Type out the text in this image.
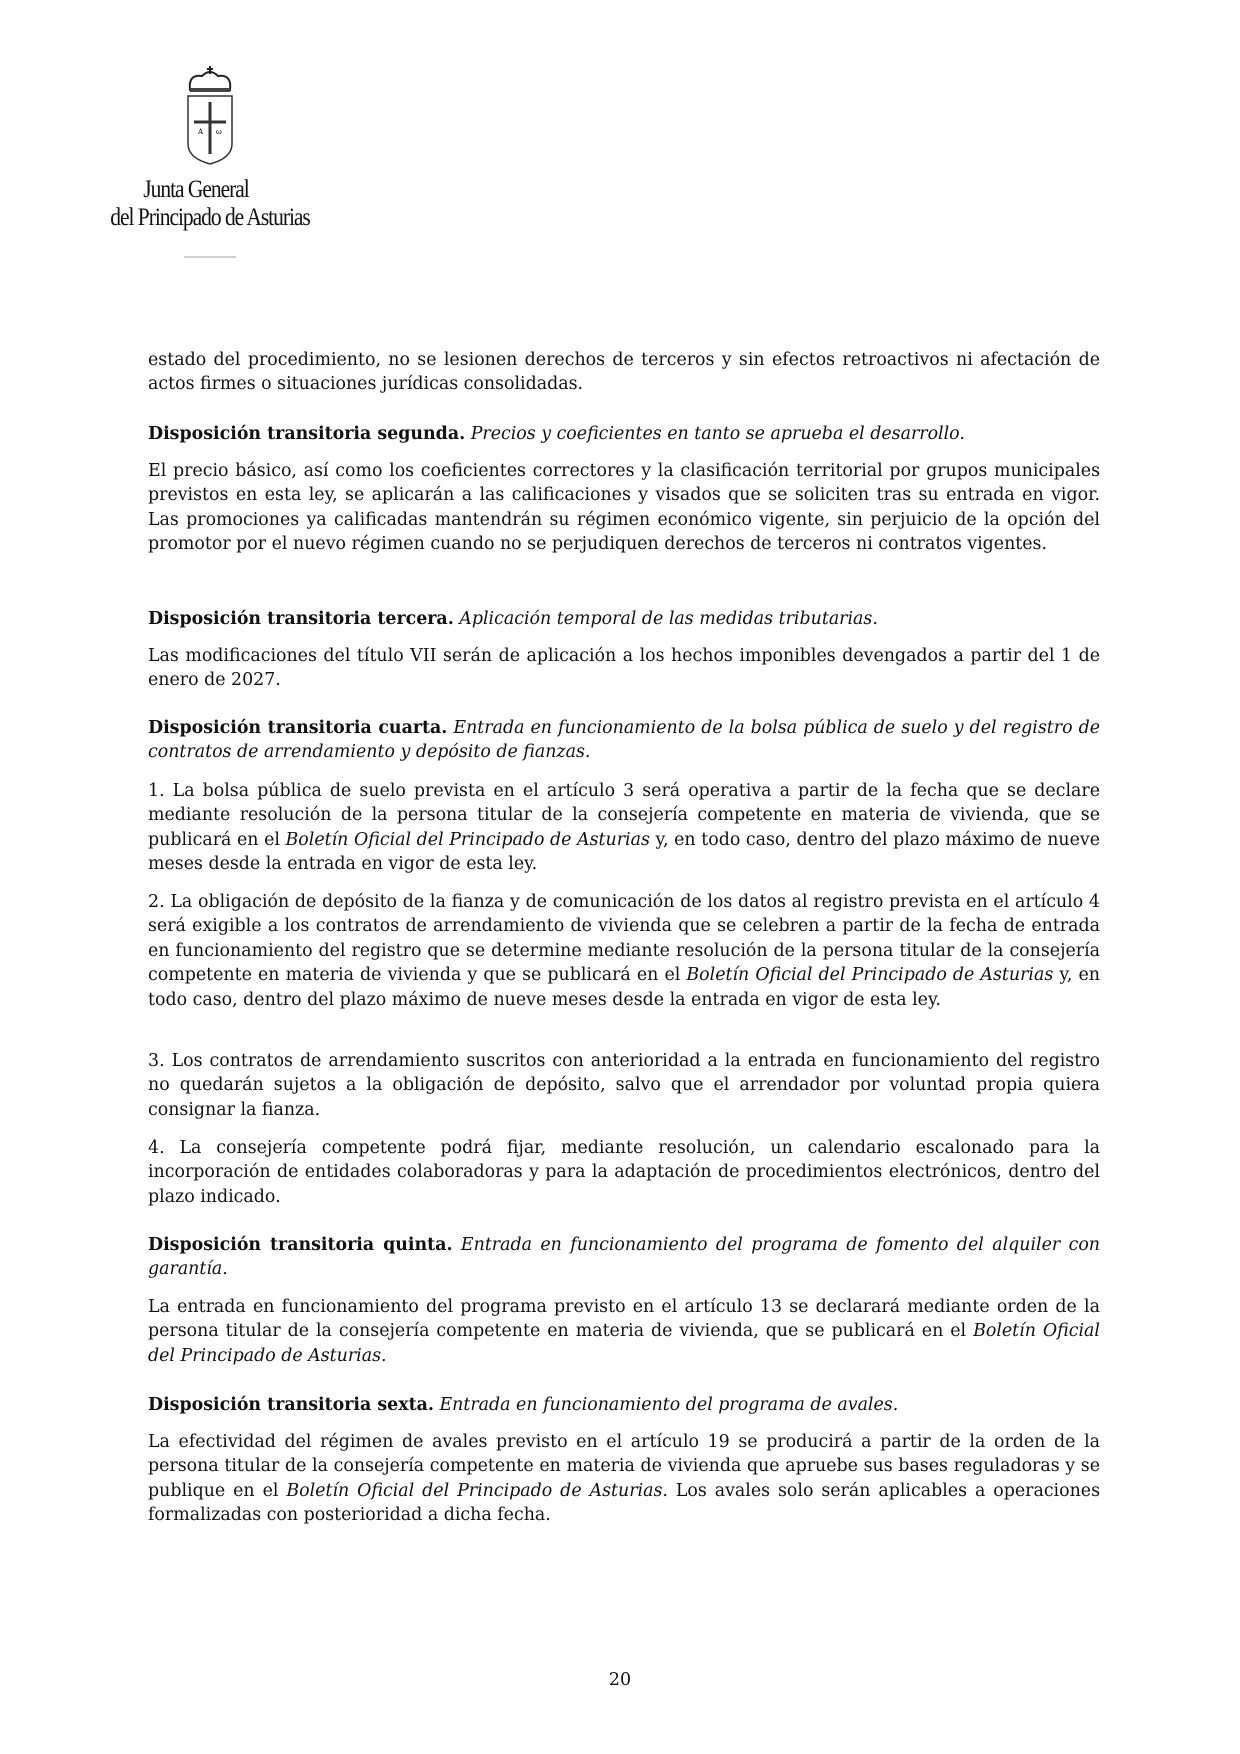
A ω
Junta General
del Principado de Asturias
estado del procedimiento, no se lesionen derechos de terceros y sin efectos retroactivos ni afectación de actos firmes o situaciones jurídicas consolidadas.
Disposición transitoria segunda. Precios y coeficientes en tanto se aprueba el desarrollo.
El precio básico, así como los coeficientes correctores y la clasificación territorial por grupos municipales previstos en esta ley, se aplicarán a las calificaciones y visados que se soliciten tras su entrada en vigor. Las promociones ya calificadas mantendrán su régimen económico vigente, sin perjuicio de la opción del promotor por el nuevo régimen cuando no se perjudiquen derechos de terceros ni contratos vigentes.
Disposición transitoria tercera. Aplicación temporal de las medidas tributarias.
Las modificaciones del título VII serán de aplicación a los hechos imponibles devengados a partir del 1 de enero de 2027.
Disposición transitoria cuarta. Entrada en funcionamiento de la bolsa pública de suelo y del registro de contratos de arrendamiento y depósito de fianzas.
1. La bolsa pública de suelo prevista en el artículo 3 será operativa a partir de la fecha que se declare mediante resolución de la persona titular de la consejería competente en materia de vivienda, que se publicará en el Boletín Oficial del Principado de Asturias y, en todo caso, dentro del plazo máximo de nueve meses desde la entrada en vigor de esta ley.
2. La obligación de depósito de la fianza y de comunicación de los datos al registro prevista en el artículo 4 será exigible a los contratos de arrendamiento de vivienda que se celebren a partir de la fecha de entrada en funcionamiento del registro que se determine mediante resolución de la persona titular de la consejería competente en materia de vivienda y que se publicará en el Boletín Oficial del Principado de Asturias y, en todo caso, dentro del plazo máximo de nueve meses desde la entrada en vigor de esta ley.
3. Los contratos de arrendamiento suscritos con anterioridad a la entrada en funcionamiento del registro no quedarán sujetos a la obligación de depósito, salvo que el arrendador por voluntad propia quiera consignar la fianza.
4. La consejería competente podrá fijar, mediante resolución, un calendario escalonado para la incorporación de entidades colaboradoras y para la adaptación de procedimientos electrónicos, dentro del plazo indicado.
Disposición transitoria quinta. Entrada en funcionamiento del programa de fomento del alquiler con garantía.
La entrada en funcionamiento del programa previsto en el artículo 13 se declarará mediante orden de la persona titular de la consejería competente en materia de vivienda, que se publicará en el Boletín Oficial del Principado de Asturias.
Disposición transitoria sexta. Entrada en funcionamiento del programa de avales.
La efectividad del régimen de avales previsto en el artículo 19 se producirá a partir de la orden de la persona titular de la consejería competente en materia de vivienda que apruebe sus bases reguladoras y se publique en el Boletín Oficial del Principado de Asturias. Los avales solo serán aplicables a operaciones formalizadas con posterioridad a dicha fecha.
20
